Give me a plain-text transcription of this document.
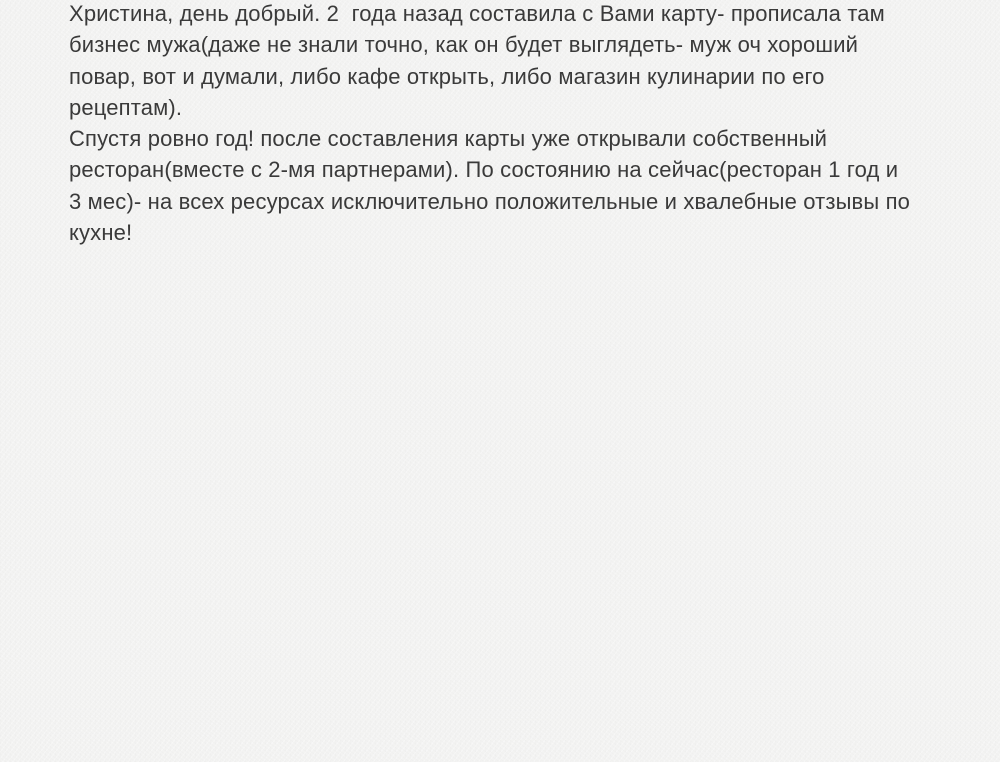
Христина, день добрый. 2  года назад составила с Вами карту- прописала там
бизнес мужа(даже не знали точно, как он будет выглядеть- муж оч хороший
повар, вот и думали, либо кафе открыть, либо магазин кулинарии по его
рецептам).
Спустя ровно год! после составления карты уже открывали собственный
ресторан(вместе с 2-мя партнерами). По состоянию на сейчас(ресторан 1 год и
3 мес)- на всех ресурсах исключительно положительные и хвалебные отзывы по
кухне!
